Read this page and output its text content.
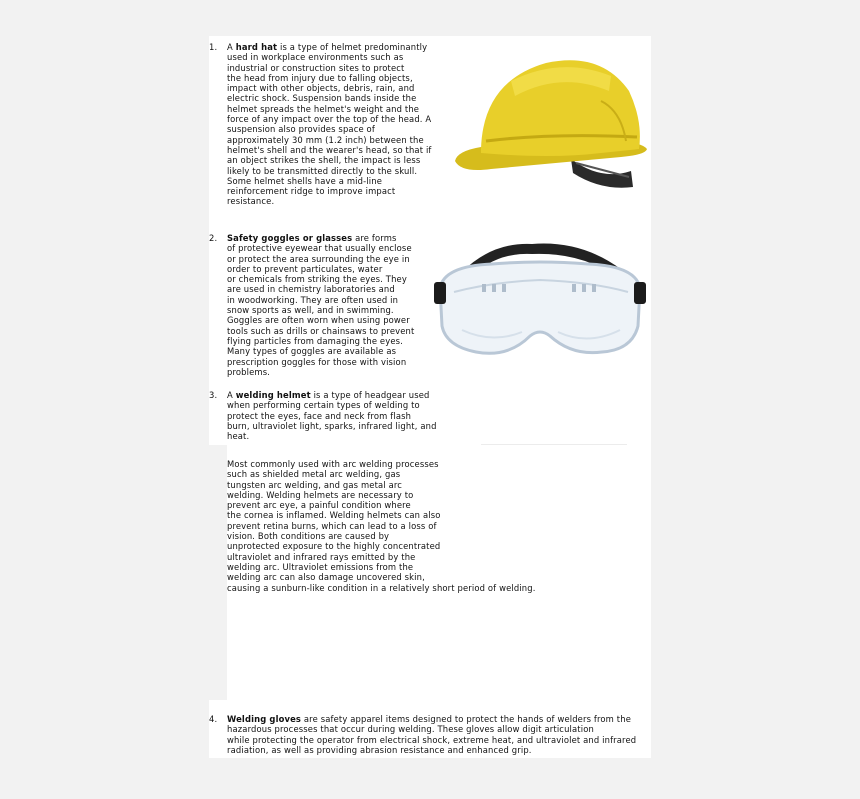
1.	A hard hat is a type of helmet predominantly
used in workplace environments such as
industrial or construction sites to protect
the head from injury due to falling objects,
impact with other objects, debris, rain, and
electric shock. Suspension bands inside the
helmet spreads the helmet's weight and the
force of any impact over the top of the head. A
suspension also provides space of
approximately 30 mm (1.2 inch) between the
helmet's shell and the wearer's head, so that if
an object strikes the shell, the impact is less
likely to be transmitted directly to the skull.
Some helmet shells have a mid-line
reinforcement ridge to improve impact
resistance.
2.	Safety goggles or glasses are forms
of protective eyewear that usually enclose
or protect the area surrounding the eye in
order to prevent particulates, water
or chemicals from striking the eyes. They
are used in chemistry laboratories and
in woodworking. They are often used in
snow sports as well, and in swimming.
Goggles are often worn when using power
tools such as drills or chainsaws to prevent
flying particles from damaging the eyes.
Many types of goggles are available as
prescription goggles for those with vision
problems.
3.	A welding helmet is a type of headgear used
when performing certain types of welding to
protect the eyes, face and neck from flash
burn, ultraviolet light, sparks, infrared light, and
heat.
Most commonly used with arc welding processes
such as shielded metal arc welding, gas
tungsten arc welding, and gas metal arc
welding. Welding helmets are necessary to
prevent arc eye, a painful condition where
the cornea is inflamed. Welding helmets can also
prevent retina burns, which can lead to a loss of
vision. Both conditions are caused by
unprotected exposure to the highly concentrated
ultraviolet and infrared rays emitted by the
welding arc. Ultraviolet emissions from the
welding arc can also damage uncovered skin,
causing a sunburn-like condition in a relatively short period of welding.
4.	Welding gloves are safety apparel items designed to protect the hands of welders from the
hazardous processes that occur during welding. These gloves allow digit articulation
while protecting the operator from electrical shock, extreme heat, and ultraviolet and infrared
radiation, as well as providing abrasion resistance and enhanced grip.
